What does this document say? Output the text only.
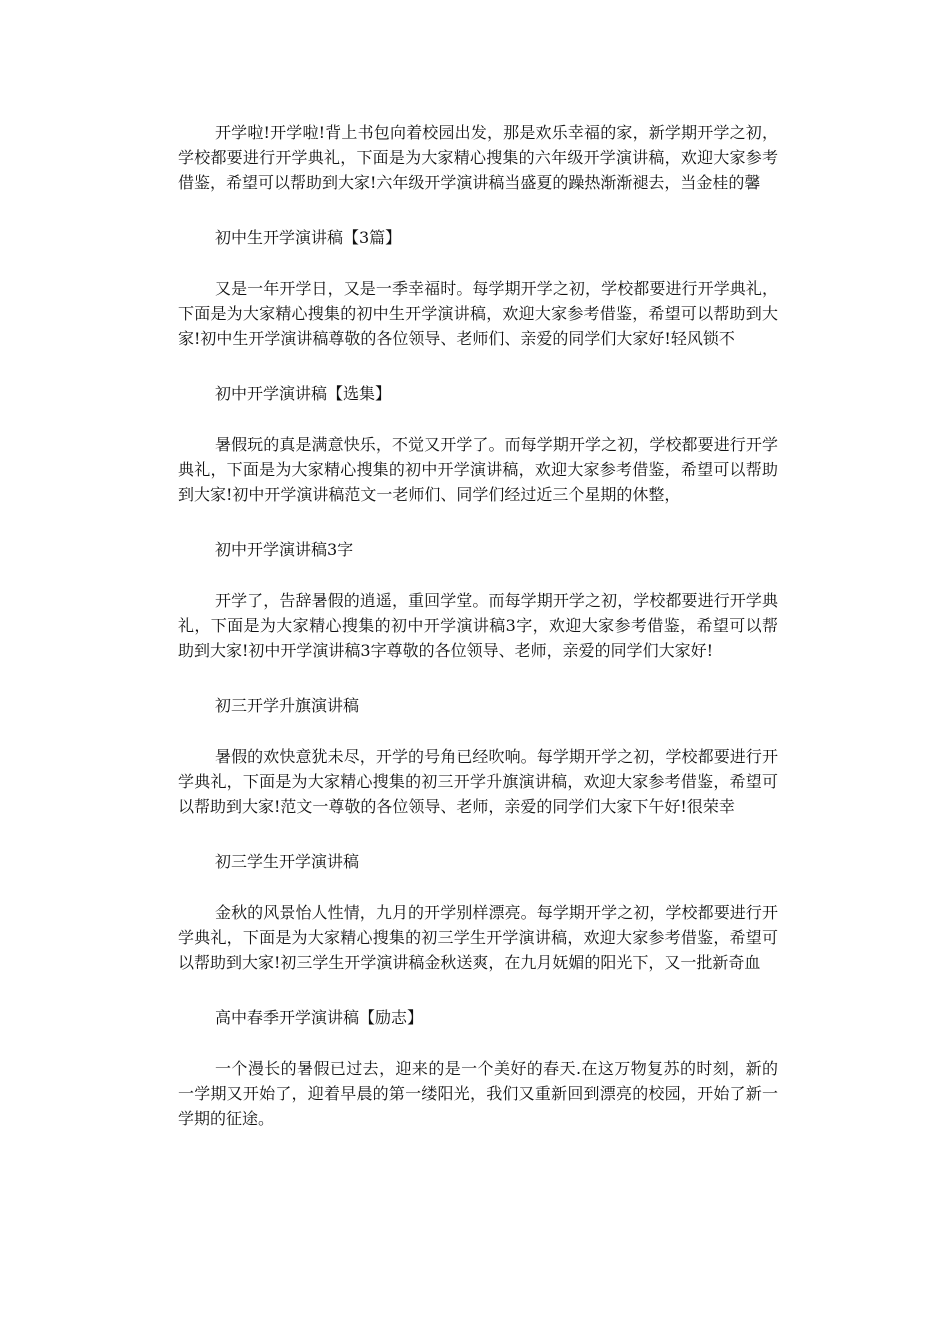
开学啦!开学啦!背上书包向着校园出发，那是欢乐幸福的家，新学期开学之初，学校都要进行开学典礼，下面是为大家精心搜集的六年级开学演讲稿，欢迎大家参考借鉴，希望可以帮助到大家!六年级开学演讲稿当盛夏的躁热渐渐褪去，当金桂的馨

初中生开学演讲稿【3篇】

又是一年开学日，又是一季幸福时。每学期开学之初，学校都要进行开学典礼，下面是为大家精心搜集的初中生开学演讲稿，欢迎大家参考借鉴，希望可以帮助到大家!初中生开学演讲稿尊敬的各位领导、老师们、亲爱的同学们大家好!轻风锁不

初中开学演讲稿【选集】

暑假玩的真是满意快乐，不觉又开学了。而每学期开学之初，学校都要进行开学典礼，下面是为大家精心搜集的初中开学演讲稿，欢迎大家参考借鉴，希望可以帮助到大家!初中开学演讲稿范文一老师们、同学们经过近三个星期的休整，

初中开学演讲稿3字

开学了，告辞暑假的逍遥，重回学堂。而每学期开学之初，学校都要进行开学典礼，下面是为大家精心搜集的初中开学演讲稿3字，欢迎大家参考借鉴，希望可以帮助到大家!初中开学演讲稿3字尊敬的各位领导、老师，亲爱的同学们大家好!

初三开学升旗演讲稿

暑假的欢快意犹未尽，开学的号角已经吹响。每学期开学之初，学校都要进行开学典礼，下面是为大家精心搜集的初三开学升旗演讲稿，欢迎大家参考借鉴，希望可以帮助到大家!范文一尊敬的各位领导、老师，亲爱的同学们大家下午好!很荣幸

初三学生开学演讲稿

金秋的风景怡人性情，九月的开学别样漂亮。每学期开学之初，学校都要进行开学典礼，下面是为大家精心搜集的初三学生开学演讲稿，欢迎大家参考借鉴，希望可以帮助到大家!初三学生开学演讲稿金秋送爽，在九月妩媚的阳光下，又一批新奇血

高中春季开学演讲稿【励志】

一个漫长的暑假已过去，迎来的是一个美好的春天.在这万物复苏的时刻，新的一学期又开始了，迎着早晨的第一缕阳光，我们又重新回到漂亮的校园，开始了新一学期的征途。
